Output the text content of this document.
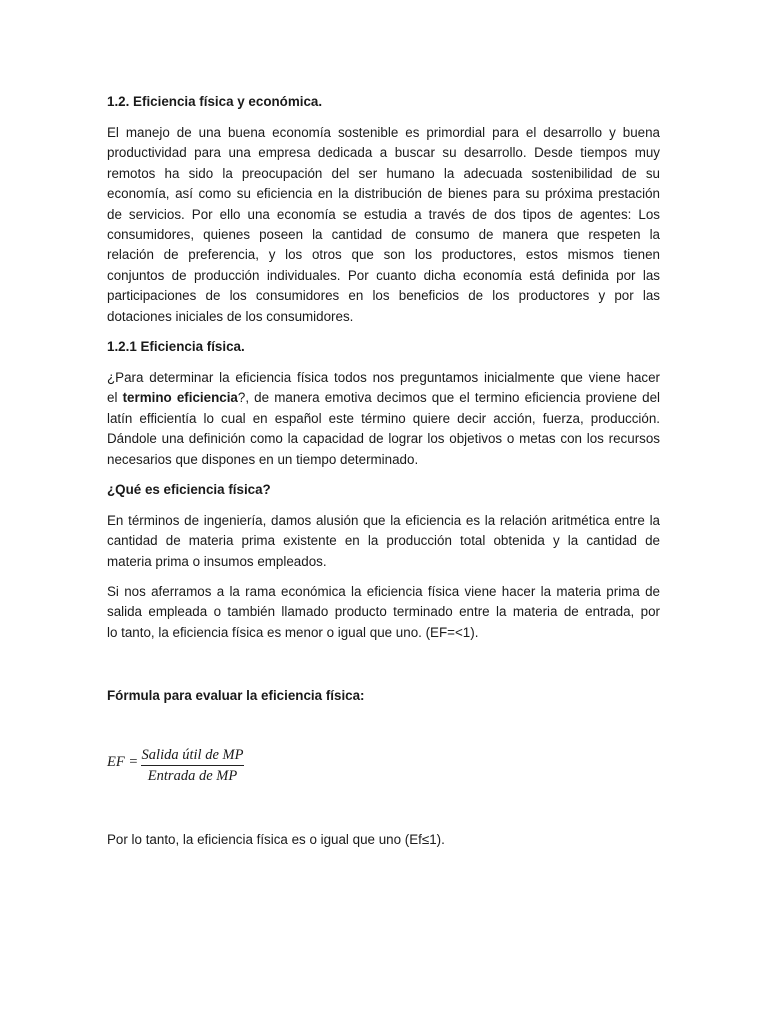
1.2. Eficiencia física y económica.
El manejo de una buena economía sostenible es primordial para el desarrollo y buena
productividad para una empresa dedicada a buscar su desarrollo. Desde tiempos muy
remotos ha sido la preocupación del ser humano la adecuada sostenibilidad de su
economía, así como su eficiencia en la distribución de bienes para su próxima prestación
de servicios. Por ello una economía se estudia a través de dos tipos de agentes: Los
consumidores, quienes poseen la cantidad de consumo de manera que respeten la
relación de preferencia, y los otros que son los productores, estos mismos tienen
conjuntos de producción individuales. Por cuanto dicha economía está definida por las
participaciones de los consumidores en los beneficios de los productores y por las
dotaciones iniciales de los consumidores.
1.2.1 Eficiencia física.
¿Para determinar la eficiencia física todos nos preguntamos inicialmente que viene hacer
el termino eficiencia?, de manera emotiva decimos que el termino eficiencia proviene del
latín efficientía lo cual en español este término quiere decir acción, fuerza, producción.
Dándole una definición como la capacidad de lograr los objetivos o metas con los recursos
necesarios que dispones en un tiempo determinado.
¿Qué es eficiencia física?
En términos de ingeniería, damos alusión que la eficiencia es la relación aritmética entre la
cantidad de materia prima existente en la producción total obtenida y la cantidad de
materia prima o insumos empleados.
Si nos aferramos a la rama económica la eficiencia física viene hacer la materia prima de
salida empleada o también llamado producto terminado entre la materia de entrada, por
lo tanto, la eficiencia física es menor o igual que uno. (EF=<1).
Fórmula para evaluar la eficiencia física:
EF = Salida útil de MP
Entrada de MP

Por lo tanto, la eficiencia física es o igual que uno (Ef≤1).
